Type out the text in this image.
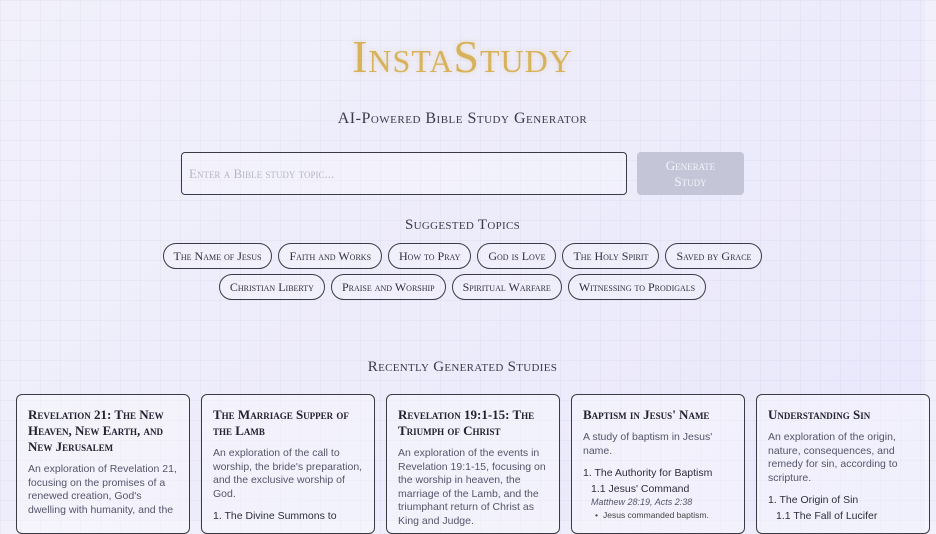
InstaStudy
AI-Powered Bible Study Generator
Enter a Bible study topic...
Generate Study
Suggested Topics
The Name of Jesus	Faith and Works	How to Pray	God is Love	The Holy Spirit	Saved by Grace
Christian Liberty	Praise and Worship	Spiritual Warfare	Witnessing to Prodigals
Recently Generated Studies
Revelation 21: The New Heaven, New Earth, and New Jerusalem
An exploration of Revelation 21, focusing on the promises of a renewed creation, God's dwelling with humanity, and the
The Marriage Supper of the Lamb
An exploration of the call to worship, the bride's preparation, and the exclusive worship of God.
1. The Divine Summons to
Revelation 19:1-15: The Triumph of Christ
An exploration of the events in Revelation 19:1-15, focusing on the worship in heaven, the marriage of the Lamb, and the triumphant return of Christ as King and Judge.
Baptism in Jesus' Name
A study of baptism in Jesus' name.
1. The Authority for Baptism
1.1 Jesus' Command
Matthew 28:19, Acts 2:38
• Jesus commanded baptism.
Understanding Sin
An exploration of the origin, nature, consequences, and remedy for sin, according to scripture.
1. The Origin of Sin
1.1 The Fall of Lucifer
